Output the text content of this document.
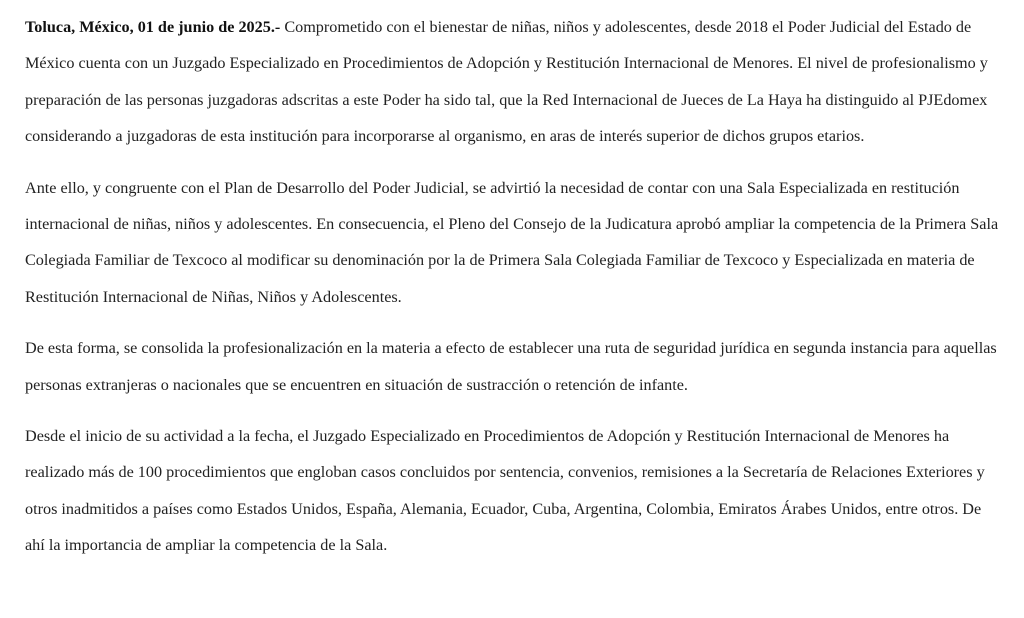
Toluca, México, 01 de junio de 2025.- Comprometido con el bienestar de niñas, niños y adolescentes, desde 2018 el Poder Judicial del Estado de México cuenta con un Juzgado Especializado en Procedimientos de Adopción y Restitución Internacional de Menores. El nivel de profesionalismo y preparación de las personas juzgadoras adscritas a este Poder ha sido tal, que la Red Internacional de Jueces de La Haya ha distinguido al PJEdomex considerando a juzgadoras de esta institución para incorporarse al organismo, en aras de interés superior de dichos grupos etarios.

Ante ello, y congruente con el Plan de Desarrollo del Poder Judicial, se advirtió la necesidad de contar con una Sala Especializada en restitución internacional de niñas, niños y adolescentes. En consecuencia, el Pleno del Consejo de la Judicatura aprobó ampliar la competencia de la Primera Sala Colegiada Familiar de Texcoco al modificar su denominación por la de Primera Sala Colegiada Familiar de Texcoco y Especializada en materia de Restitución Internacional de Niñas, Niños y Adolescentes.

De esta forma, se consolida la profesionalización en la materia a efecto de establecer una ruta de seguridad jurídica en segunda instancia para aquellas personas extranjeras o nacionales que se encuentren en situación de sustracción o retención de infante.

Desde el inicio de su actividad a la fecha, el Juzgado Especializado en Procedimientos de Adopción y Restitución Internacional de Menores ha realizado más de 100 procedimientos que engloban casos concluidos por sentencia, convenios, remisiones a la Secretaría de Relaciones Exteriores y otros inadmitidos a países como Estados Unidos, España, Alemania, Ecuador, Cuba, Argentina, Colombia, Emiratos Árabes Unidos, entre otros. De ahí la importancia de ampliar la competencia de la Sala.
